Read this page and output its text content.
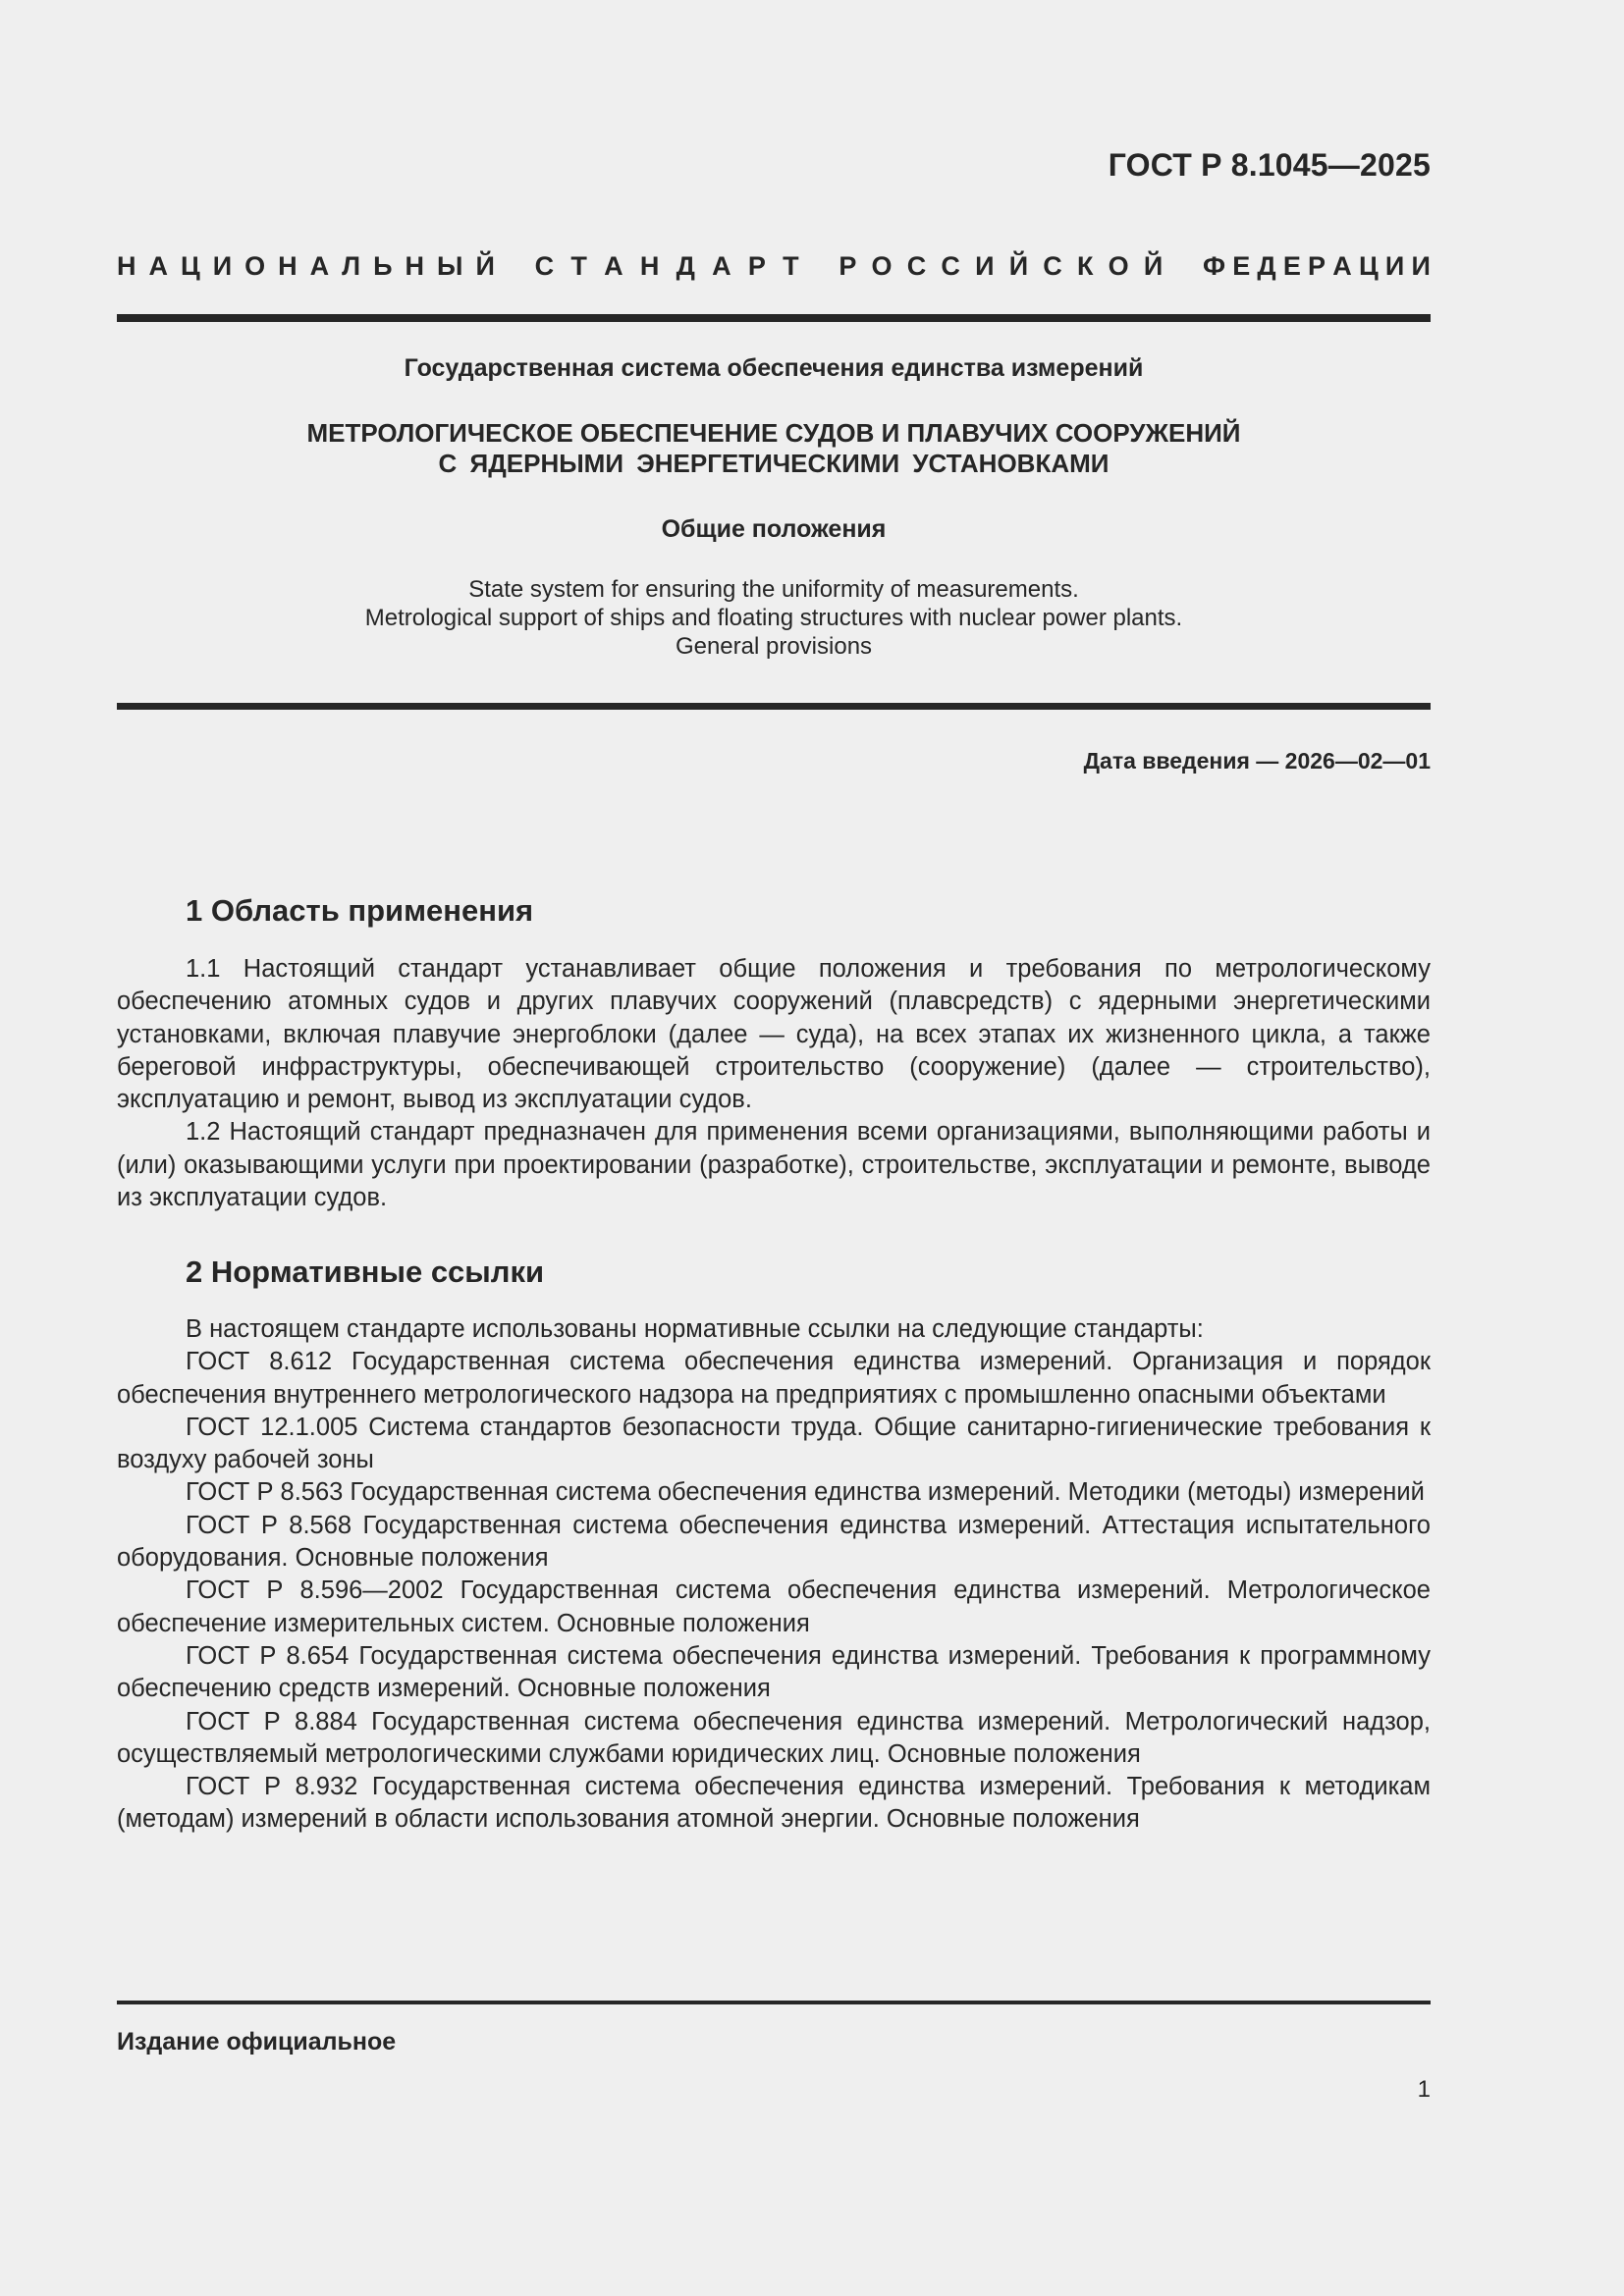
ГОСТ Р 8.1045—2025
Н А Ц И О Н А Л Ь Н Ы Й С Т А Н Д А Р Т Р О С С И Й С К О Й Ф Е Д Е Р А Ц И И
Государственная система обеспечения единства измерений
МЕТРОЛОГИЧЕСКОЕ ОБЕСПЕЧЕНИЕ СУДОВ И ПЛАВУЧИХ СООРУЖЕНИЙ
С ЯДЕРНЫМИ ЭНЕРГЕТИЧЕСКИМИ УСТАНОВКАМИ
Общие положения
State system for ensuring the uniformity of measurements.
Metrological support of ships and floating structures with nuclear power plants.
General provisions
Дата введения — 2026—02—01
1 Область применения

1.1 Настоящий стандарт устанавливает общие положения и требования по метрологическому обеспечению атомных судов и других плавучих сооружений (плавсредств) с ядерными энергетическими установками, включая плавучие энергоблоки (далее — суда), на всех этапах их жизненного цикла, а также береговой инфраструктуры, обеспечивающей строительство (сооружение) (далее — строительство), эксплуатацию и ремонт, вывод из эксплуатации судов.

1.2 Настоящий стандарт предназначен для применения всеми организациями, выполняющими работы и (или) оказывающими услуги при проектировании (разработке), строительстве, эксплуатации и ремонте, выводе из эксплуатации судов.

2 Нормативные ссылки

В настоящем стандарте использованы нормативные ссылки на следующие стандарты:

ГОСТ 8.612 Государственная система обеспечения единства измерений. Организация и порядок обеспечения внутреннего метрологического надзора на предприятиях с промышленно опасными объектами

ГОСТ 12.1.005 Система стандартов безопасности труда. Общие санитарно-гигиенические требования к воздуху рабочей зоны

ГОСТ Р 8.563 Государственная система обеспечения единства измерений. Методики (методы) измерений

ГОСТ Р 8.568 Государственная система обеспечения единства измерений. Аттестация испытательного оборудования. Основные положения

ГОСТ Р 8.596—2002 Государственная система обеспечения единства измерений. Метрологическое обеспечение измерительных систем. Основные положения

ГОСТ Р 8.654 Государственная система обеспечения единства измерений. Требования к программному обеспечению средств измерений. Основные положения

ГОСТ Р 8.884 Государственная система обеспечения единства измерений. Метрологический надзор, осуществляемый метрологическими службами юридических лиц. Основные положения

ГОСТ Р 8.932 Государственная система обеспечения единства измерений. Требования к методикам (методам) измерений в области использования атомной энергии. Основные положения

Издание официальное
1
